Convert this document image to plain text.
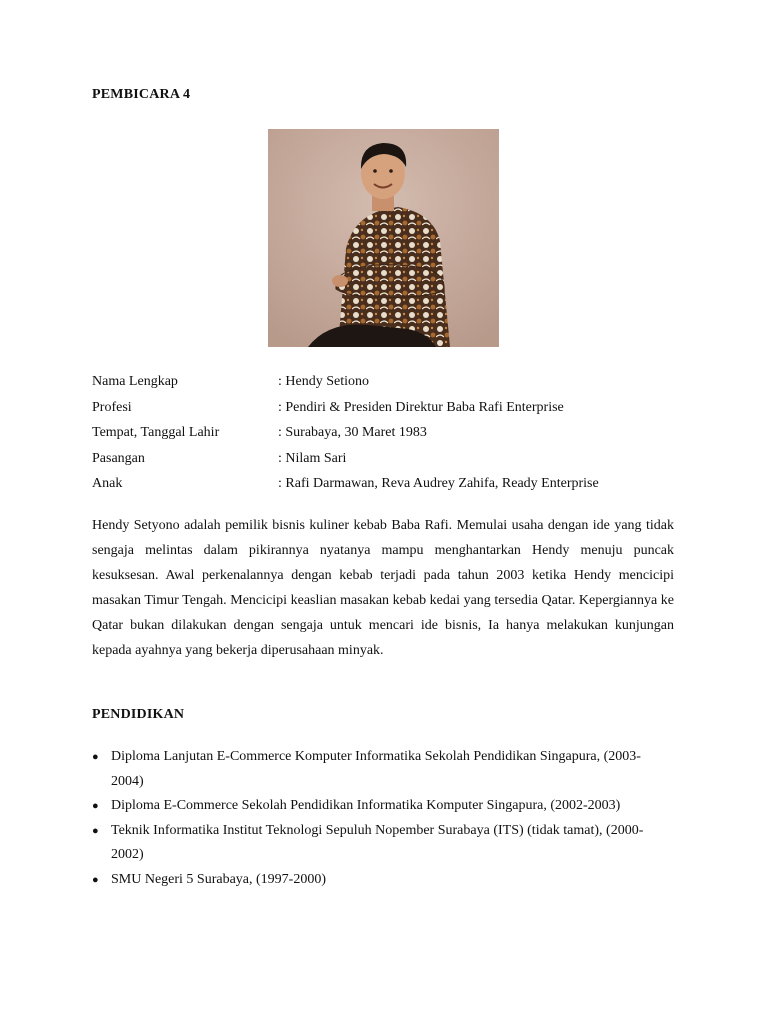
PEMBICARA 4
Nama Lengkap	: Hendy Setiono
Profesi	: Pendiri & Presiden Direktur Baba Rafi Enterprise
Tempat, Tanggal Lahir	: Surabaya, 30 Maret 1983
Pasangan	: Nilam Sari
Anak	: Rafi Darmawan, Reva Audrey Zahifa, Ready Enterprise

Hendy Setyono adalah pemilik bisnis kuliner kebab Baba Rafi. Memulai usaha dengan ide yang tidak sengaja melintas dalam pikirannya nyatanya mampu menghantarkan Hendy menuju puncak kesuksesan. Awal perkenalannya dengan kebab terjadi pada tahun 2003 ketika Hendy mencicipi masakan Timur Tengah. Mencicipi keaslian masakan kebab kedai yang tersedia Qatar. Kepergiannya ke Qatar bukan dilakukan dengan sengaja untuk mencari ide bisnis, Ia hanya melakukan kunjungan kepada ayahnya yang bekerja diperusahaan minyak.

PENDIDIKAN
● Diploma Lanjutan E-Commerce Komputer Informatika Sekolah Pendidikan Singapura, (2003-2004)
● Diploma E-Commerce Sekolah Pendidikan Informatika Komputer Singapura, (2002-2003)
● Teknik Informatika Institut Teknologi Sepuluh Nopember Surabaya (ITS) (tidak tamat), (2000-2002)
● SMU Negeri 5 Surabaya, (1997-2000)
